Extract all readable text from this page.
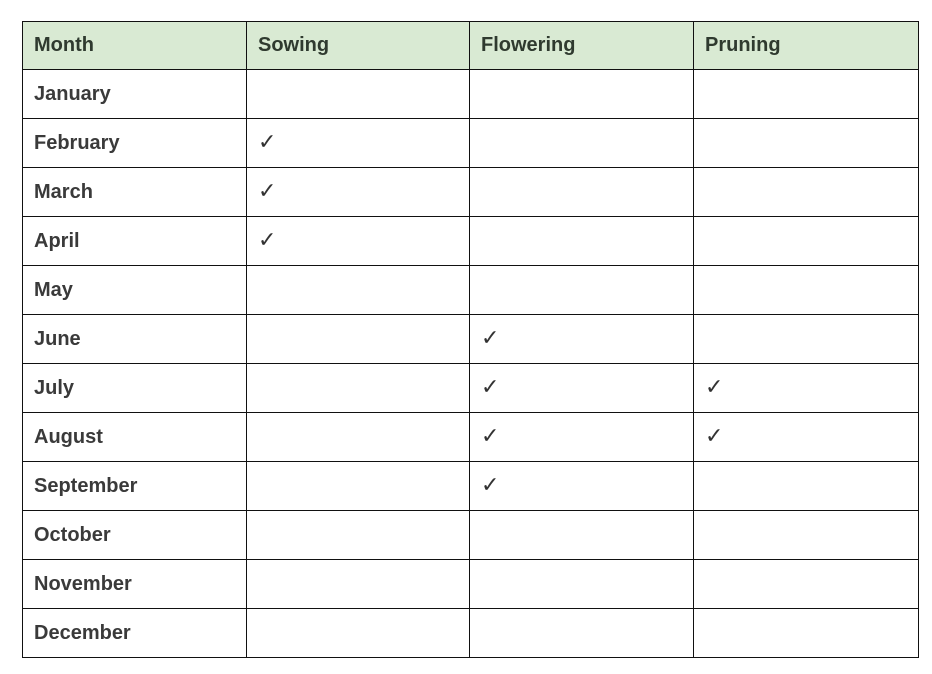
Month	Sowing	Flowering	Pruning
January			
February	✓		
March	✓		
April	✓		
May			
June		✓	
July		✓	✓
August		✓	✓
September		✓	
October			
November			
December			
